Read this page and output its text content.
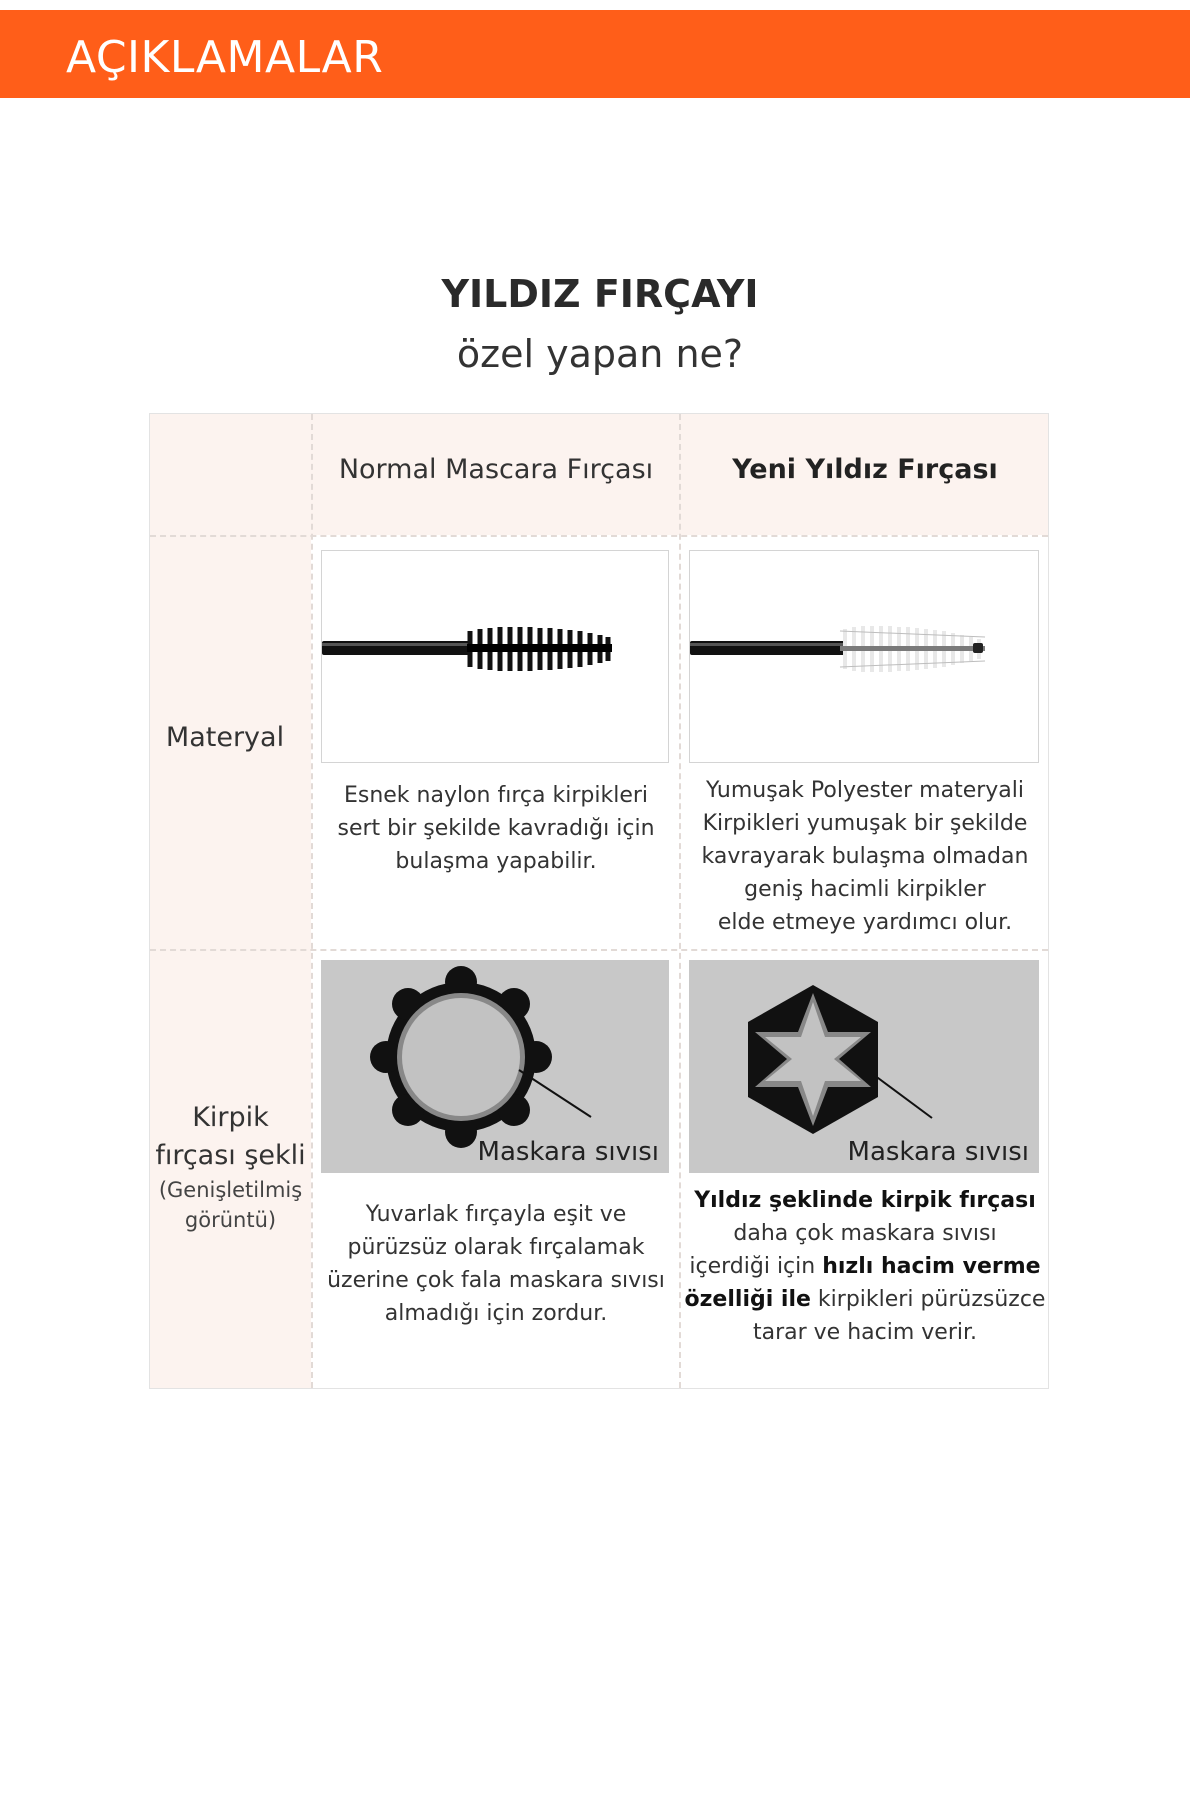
AÇIKLAMALAR
YILDIZ FIRÇAYI
özel yapan ne?
Normal Mascara Fırçası	Yeni Yıldız Fırçası
Materyal
Kirpik
fırçası şekli
(Genişletilmiş
görüntü)
Esnek naylon fırça kirpikleri
sert bir şekilde kavradığı için
bulaşma yapabilir.
Yumuşak Polyester materyali
Kirpikleri yumuşak bir şekilde
kavrayarak bulaşma olmadan
geniş hacimli kirpikler
elde etmeye yardımcı olur.
Maskara sıvısı	Maskara sıvısı
Yuvarlak fırçayla eşit ve
pürüzsüz olarak fırçalamak
üzerine çok fala maskara sıvısı
almadığı için zordur.
Yıldız şeklinde kirpik fırçası
daha çok maskara sıvısı
içerdiği için hızlı hacim verme
özelliği ile kirpikleri pürüzsüzce
tarar ve hacim verir.
